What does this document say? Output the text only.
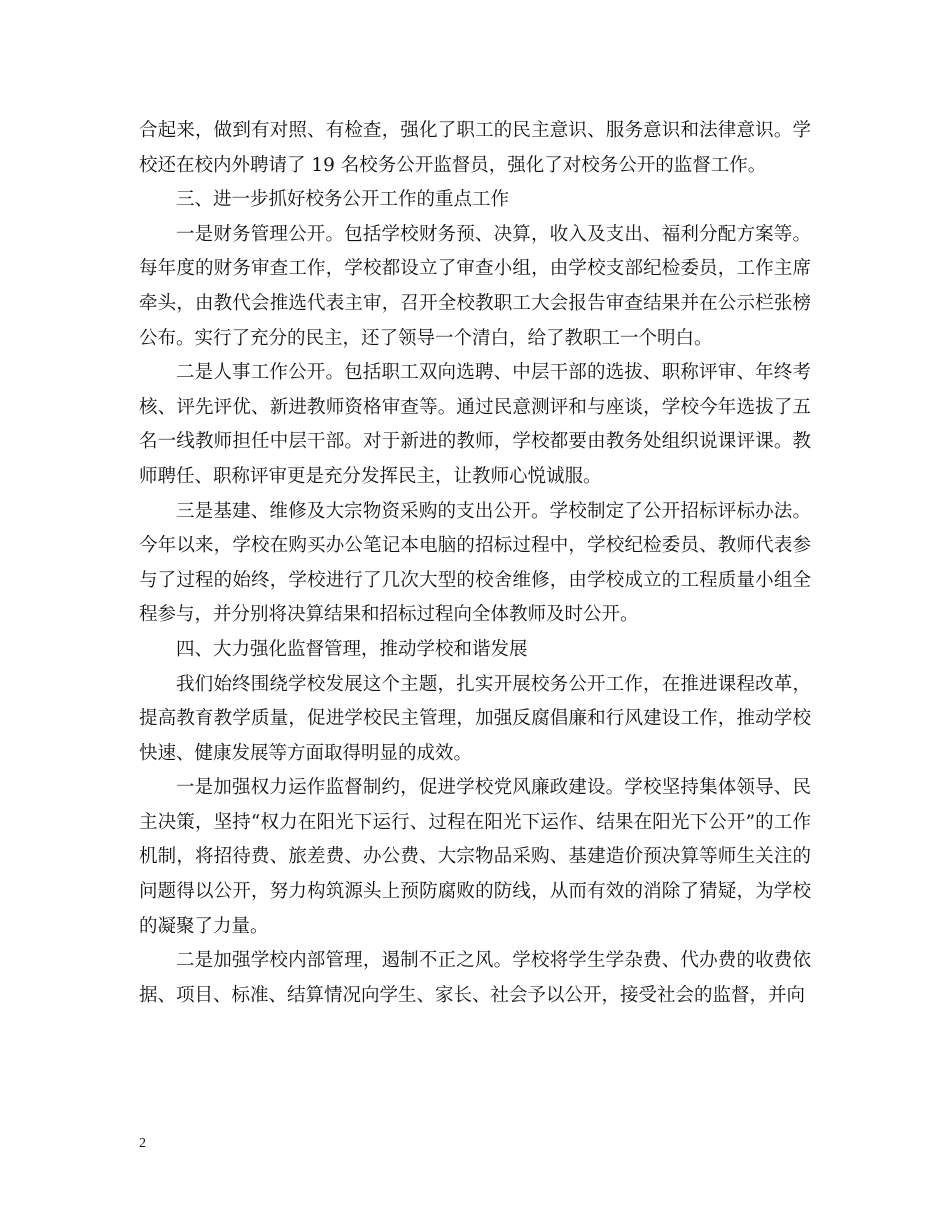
合起来，做到有对照、有检查，强化了职工的民主意识、服务意识和法律意识。学校还在校内外聘请了 19 名校务公开监督员，强化了对校务公开的监督工作。

三、进一步抓好校务公开工作的重点工作

一是财务管理公开。包括学校财务预、决算，收入及支出、福利分配方案等。每年度的财务审查工作，学校都设立了审查小组，由学校支部纪检委员，工作主席牵头，由教代会推选代表主审，召开全校教职工大会报告审查结果并在公示栏张榜公布。实行了充分的民主，还了领导一个清白，给了教职工一个明白。

二是人事工作公开。包括职工双向选聘、中层干部的选拔、职称评审、年终考核、评先评优、新进教师资格审查等。通过民意测评和与座谈，学校今年选拔了五名一线教师担任中层干部。对于新进的教师，学校都要由教务处组织说课评课。教师聘任、职称评审更是充分发挥民主，让教师心悦诚服。

三是基建、维修及大宗物资采购的支出公开。学校制定了公开招标评标办法。今年以来，学校在购买办公笔记本电脑的招标过程中，学校纪检委员、教师代表参与了过程的始终，学校进行了几次大型的校舍维修，由学校成立的工程质量小组全程参与，并分别将决算结果和招标过程向全体教师及时公开。

四、大力强化监督管理，推动学校和谐发展

我们始终围绕学校发展这个主题，扎实开展校务公开工作，在推进课程改革，提高教育教学质量，促进学校民主管理，加强反腐倡廉和行风建设工作，推动学校快速、健康发展等方面取得明显的成效。

一是加强权力运作监督制约，促进学校党风廉政建设。学校坚持集体领导、民主决策，坚持“权力在阳光下运行、过程在阳光下运作、结果在阳光下公开”的工作机制，将招待费、旅差费、办公费、大宗物品采购、基建造价预决算等师生关注的问题得以公开，努力构筑源头上预防腐败的防线，从而有效的消除了猜疑，为学校的凝聚了力量。

二是加强学校内部管理，遏制不正之风。学校将学生学杂费、代办费的收费依据、项目、标准、结算情况向学生、家长、社会予以公开，接受社会的监督，并向

2
